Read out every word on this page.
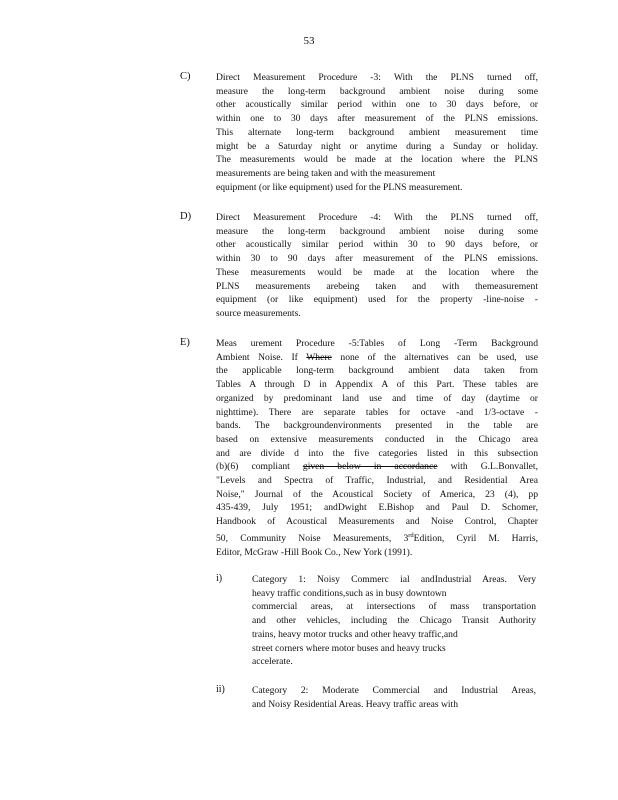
53
C)	Direct Measurement Procedure -3: With the PLNS turned off,
measure the long-term background ambient noise during some
other acoustically similar period within one to 30 days before, or
within one to 30 days after measurement of the PLNS emissions.
This alternate long-term background ambient measurement time
might be a Saturday night or anytime during a Sunday or holiday.
The measurements would be made at the location where the PLNS
measurements are being taken and with the measurement
equipment (or like equipment) used for the PLNS measurement.
D)	Direct Measurement Procedure -4: With the PLNS turned off,
measure the long-term background ambient noise during some
other acoustically similar period within 30 to 90 days before, or
within 30 to 90 days after measurement of the PLNS emissions.
These measurements would be made at the location where the
PLNS measurements arebeing taken and with themeasurement
equipment (or like equipment) used for the property -line-noise -
source measurements.
E)	Meas urement Procedure -5:Tables of Long -Term Background
Ambient Noise. If Where none of the alternatives can be used, use
the applicable long-term background ambient data taken from
Tables A through D in Appendix A of this Part. These tables are
organized by predominant land use and time of day (daytime or
nighttime). There are separate tables for octave -and 1/3-octave -
bands. The backgroundenvironments presented in the table are
based on extensive measurements conducted in the Chicago area
and are divide d into the five categories listed in this subsection
(b)(6) compliant given below in accordance with G.L.Bonvallet,
"Levels and Spectra of Traffic, Industrial, and Residential Area
Noise," Journal of the Acoustical Society of America, 23 (4), pp
435-439, July 1951; andDwight E.Bishop and Paul D. Schomer,
Handbook of Acoustical Measurements and Noise Control, Chapter
50, Community Noise Measurements, 3rdEdition, Cyril M. Harris,
Editor, McGraw -Hill Book Co., New York (1991).
i)	Category 1: Noisy Commerc ial andIndustrial Areas. Very
heavy traffic conditions,such as in busy downtown
commercial areas, at intersections of mass transportation
and other vehicles, including the Chicago Transit Authority
trains, heavy motor trucks and other heavy traffic,and
street corners where motor buses and heavy trucks
accelerate.
ii)	Category 2: Moderate Commercial and Industrial Areas,
and Noisy Residential Areas. Heavy traffic areas with
